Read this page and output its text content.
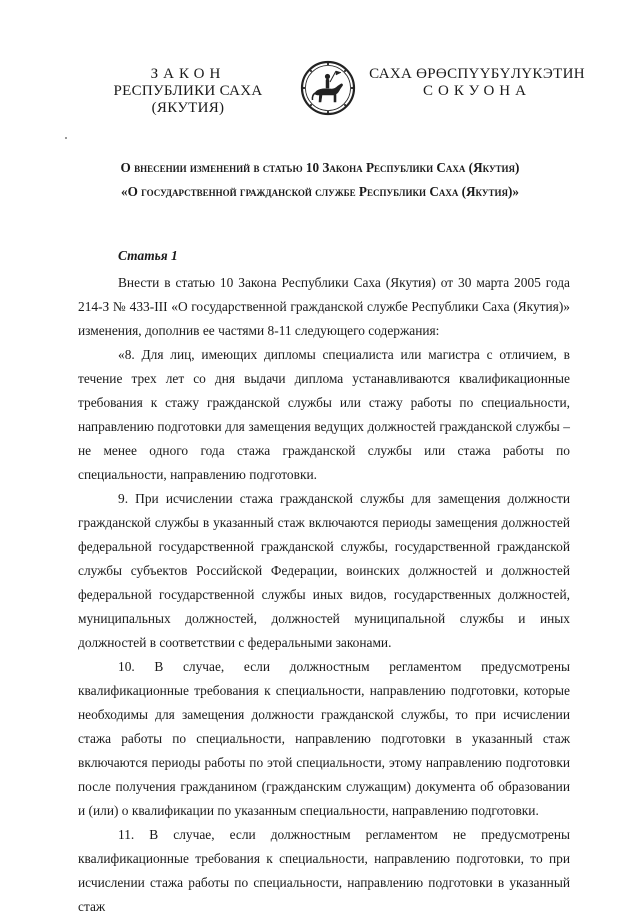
ЗАКОН
РЕСПУБЛИКИ САХА (ЯКУТИЯ)
САХА ӨРӨСПҮҮБҮЛҮКЭТИН
СОКУОНА
О внесении изменений в статью 10 Закона Республики Саха (Якутия)
«О государственной гражданской службе Республики Саха (Якутия)»

Статья 1

Внести в статью 10 Закона Республики Саха (Якутия) от 30 марта 2005 года 214-З № 433-III «О государственной гражданской службе Республики Саха (Якутия)» изменения, дополнив ее частями 8-11 следующего содержания:

«8. Для лиц, имеющих дипломы специалиста или магистра с отличием, в течение трех лет со дня выдачи диплома устанавливаются квалификационные требования к стажу гражданской службы или стажу работы по специальности, направлению подготовки для замещения ведущих должностей гражданской службы – не менее одного года стажа гражданской службы или стажа работы по специальности, направлению подготовки.

9. При исчислении стажа гражданской службы для замещения должности гражданской службы в указанный стаж включаются периоды замещения должностей федеральной государственной гражданской службы, государственной гражданской службы субъектов Российской Федерации, воинских должностей и должностей федеральной государственной службы иных видов, государственных должностей, муниципальных должностей, должностей муниципальной службы и иных должностей в соответствии с федеральными законами.

10. В случае, если должностным регламентом предусмотрены квалификационные требования к специальности, направлению подготовки, которые необходимы для замещения должности гражданской службы, то при исчислении стажа работы по специальности, направлению подготовки в указанный стаж включаются периоды работы по этой специальности, этому направлению подготовки после получения гражданином (гражданским служащим) документа об образовании и (или) о квалификации по указанным специальности, направлению подготовки.

11. В случае, если должностным регламентом не предусмотрены квалификационные требования к специальности, направлению подготовки, то при исчислении стажа работы по специальности, направлению подготовки в указанный стаж
